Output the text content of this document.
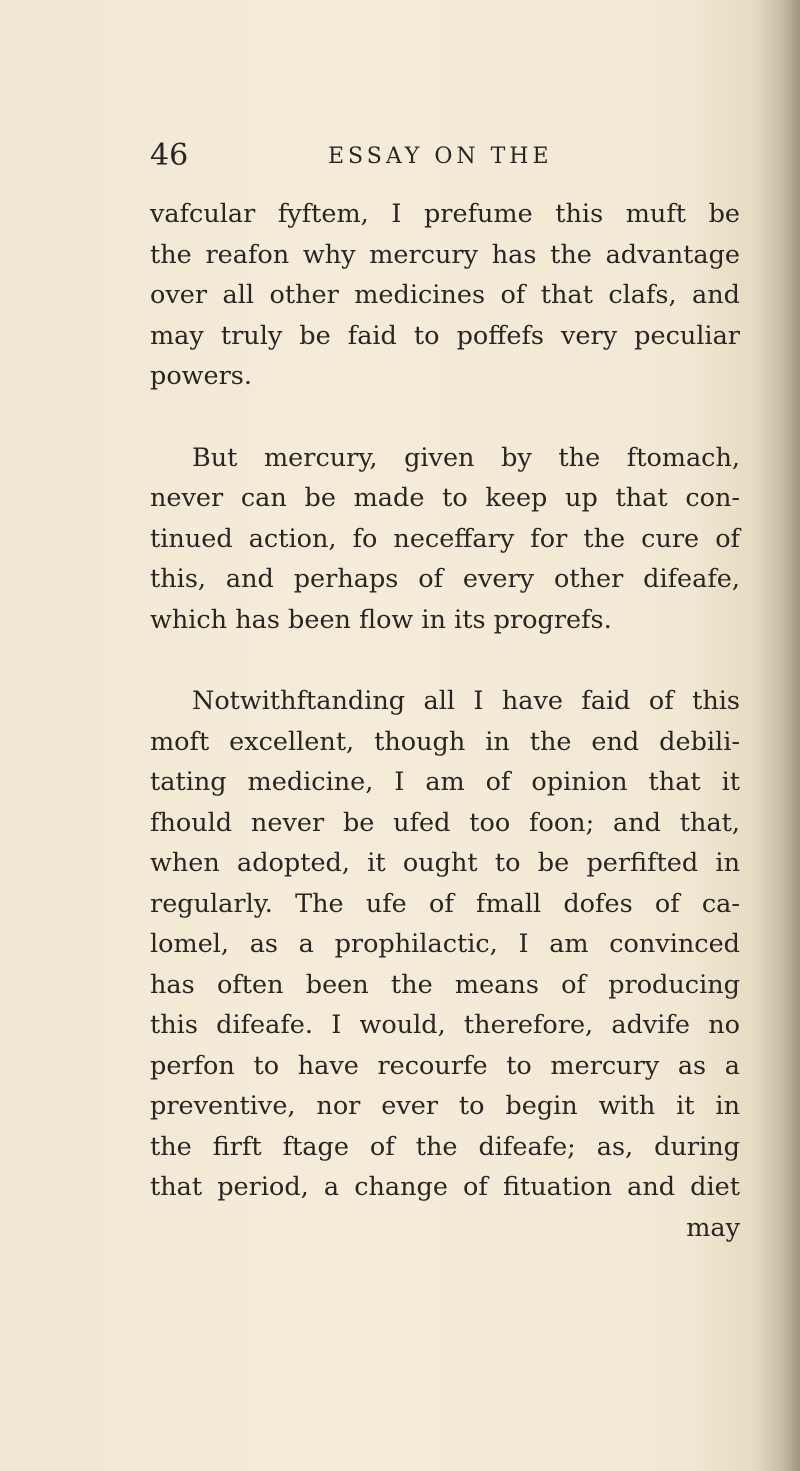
46	ESSAY ON THE

vafcular fyftem, I prefume this muft be
the reafon why mercury has the advantage
over all other medicines of that clafs, and
may truly be faid to poffefs very peculiar
powers.

But mercury, given by the ftomach,
never can be made to keep up that con-
tinued action, fo neceffary for the cure of
this, and perhaps of every other difeafe,
which has been flow in its progrefs.

Notwithftanding all I have faid of this
moft excellent, though in the end debili-
tating medicine, I am of opinion that it
fhould never be ufed too foon; and that,
when adopted, it ought to be perfifted in
regularly. The ufe of fmall dofes of ca-
lomel, as a prophilactic, I am convinced
has often been the means of producing
this difeafe. I would, therefore, advife no
perfon to have recourfe to mercury as a
preventive, nor ever to begin with it in
the firft ftage of the difeafe; as, during
that period, a change of fituation and diet

may
